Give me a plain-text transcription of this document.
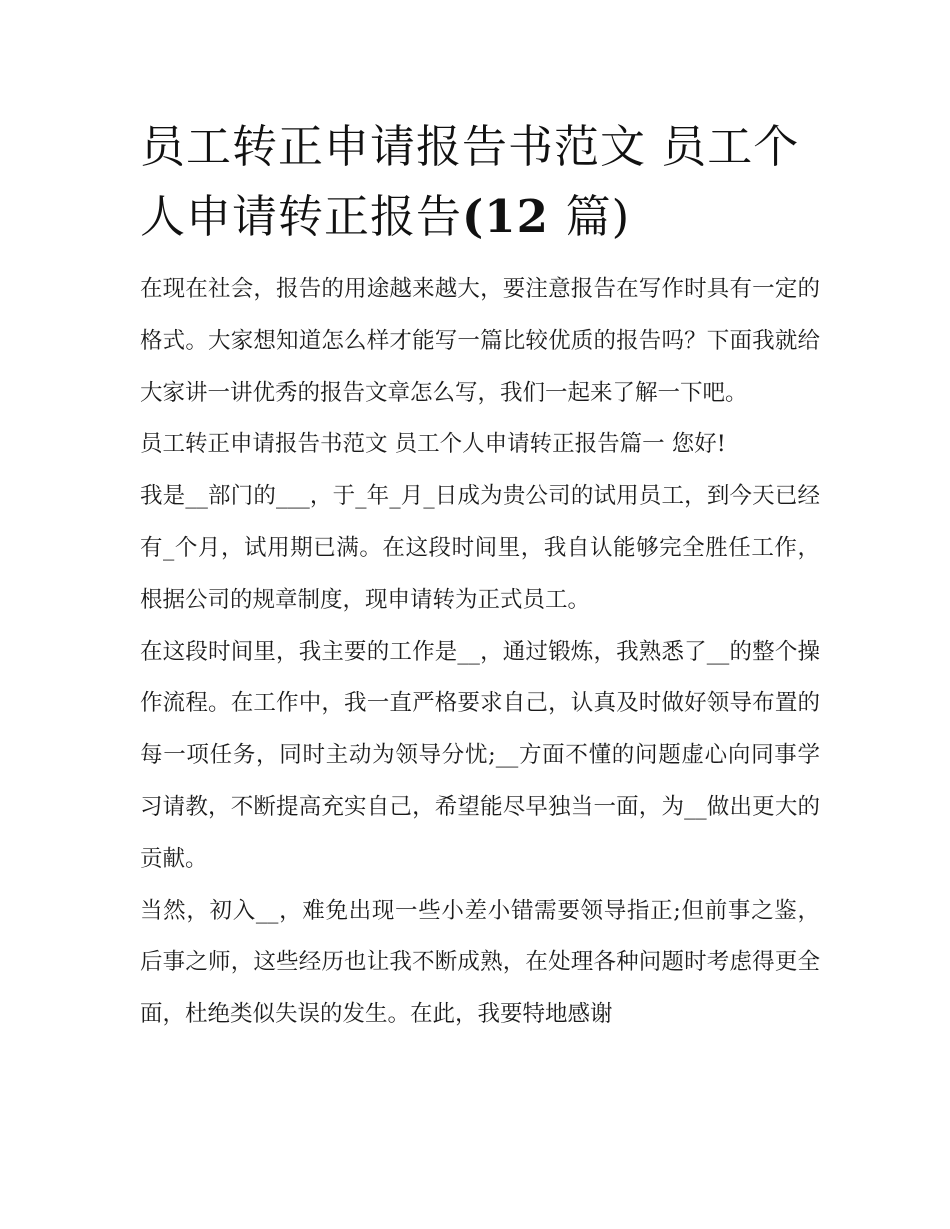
员工转正申请报告书范文 员工个人申请转正报告(12 篇)

在现在社会，报告的用途越来越大，要注意报告在写作时具有一定的格式。大家想知道怎么样才能写一篇比较优质的报告吗？下面我就给大家讲一讲优秀的报告文章怎么写，我们一起来了解一下吧。

员工转正申请报告书范文 员工个人申请转正报告篇一 您好!

我是__部门的___，于_年_月_日成为贵公司的试用员工，到今天已经有_个月，试用期已满。在这段时间里，我自认能够完全胜任工作，根据公司的规章制度，现申请转为正式员工。

在这段时间里，我主要的工作是__，通过锻炼，我熟悉了__的整个操作流程。在工作中，我一直严格要求自己，认真及时做好领导布置的每一项任务，同时主动为领导分忧;__方面不懂的问题虚心向同事学习请教，不断提高充实自己，希望能尽早独当一面，为__做出更大的贡献。

当然，初入__，难免出现一些小差小错需要领导指正;但前事之鉴，后事之师，这些经历也让我不断成熟，在处理各种问题时考虑得更全面，杜绝类似失误的发生。在此，我要特地感谢
